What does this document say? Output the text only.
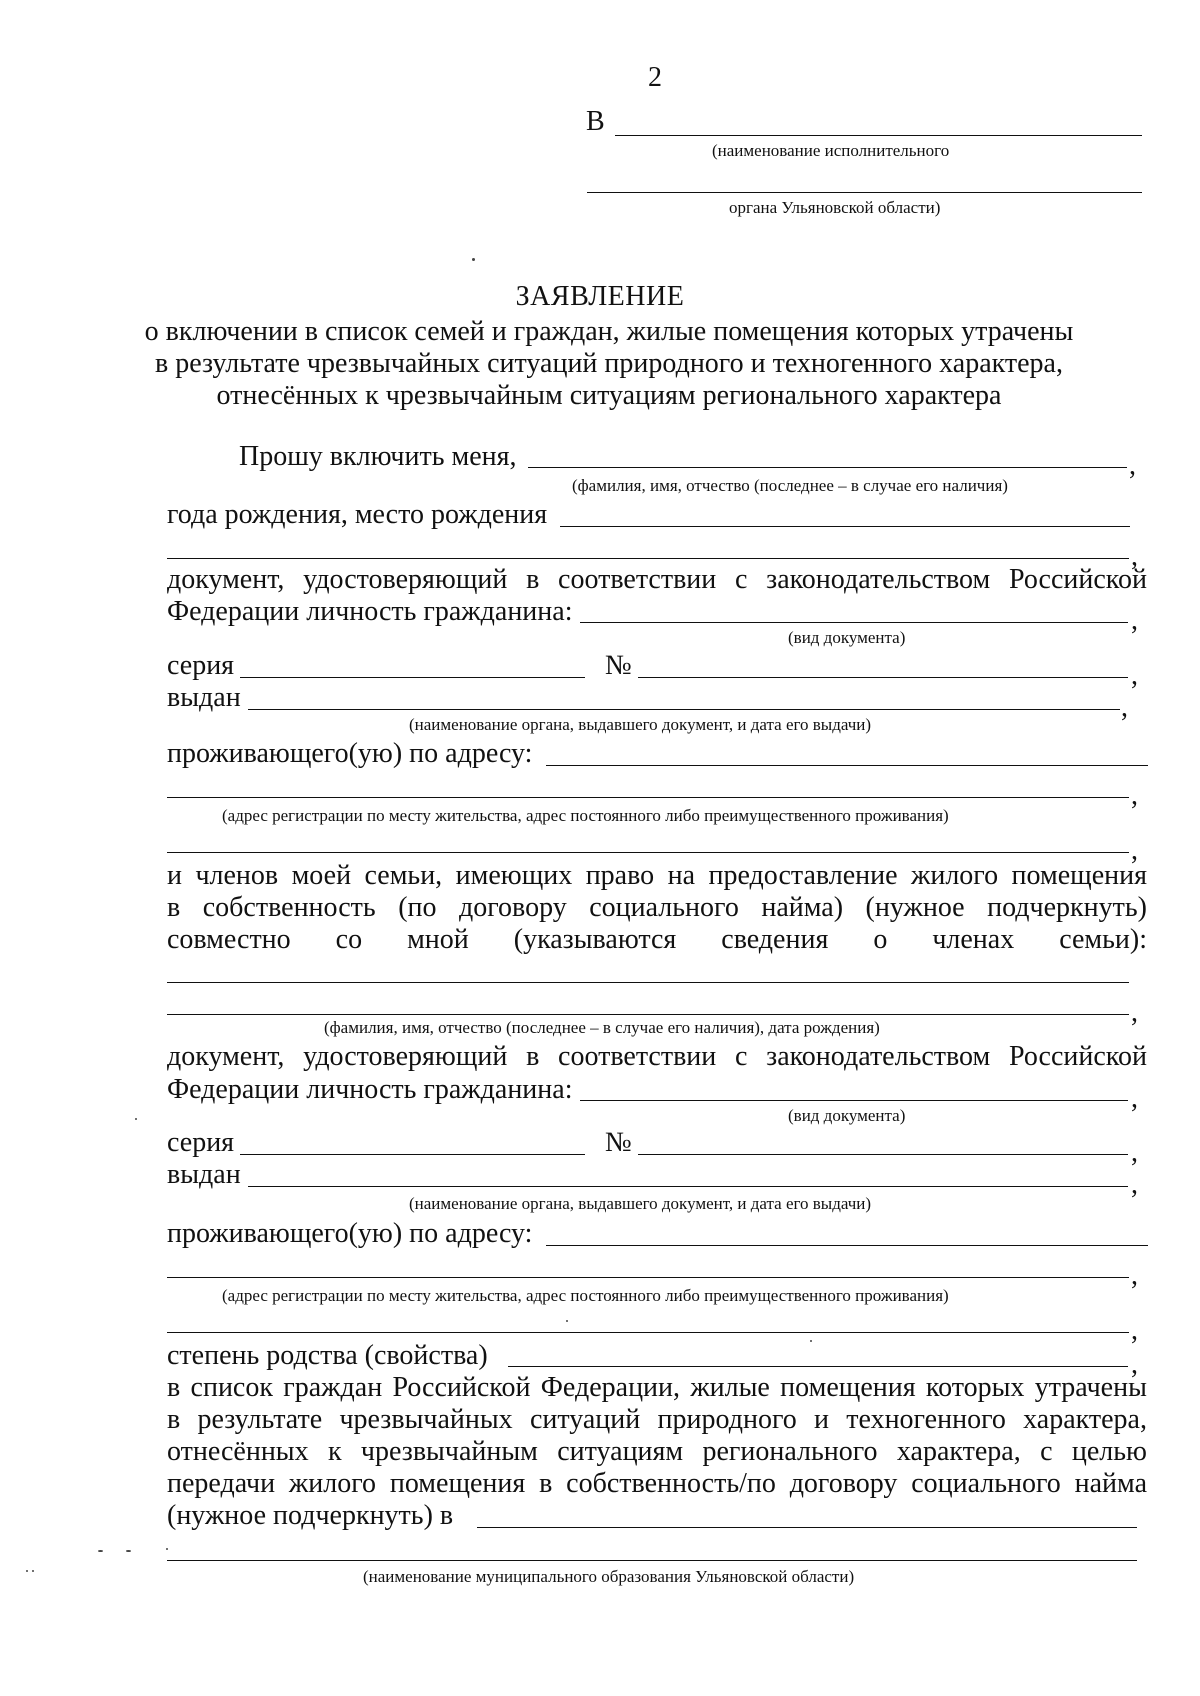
2
В
(наименование исполнительного
органа Ульяновской области)
ЗАЯВЛЕНИЕ
о включении в список семей и граждан, жилые помещения которых утрачены
в результате чрезвычайных ситуаций природного и техногенного характера,
отнесённых к чрезвычайным ситуациям регионального характера
Прошу включить меня,	,
(фамилия, имя, отчество (последнее – в случае его наличия)
года рождения, место рождения
,
документ, удостоверяющий в соответствии с законодательством Российской
Федерации личность гражданина:	,
(вид документа)
серия	№	,
выдан	,
(наименование органа, выдавшего документ, и дата его выдачи)
проживающего(ую) по адресу:
,
(адрес регистрации по месту жительства, адрес постоянного либо преимущественного проживания)
,
и членов моей семьи, имеющих право на предоставление жилого помещения
в собственность (по договору социального найма) (нужное подчеркнуть)
совместно со мной (указываются сведения о членах семьи):
,
(фамилия, имя, отчество (последнее – в случае его наличия), дата рождения)
документ, удостоверяющий в соответствии с законодательством Российской
Федерации личность гражданина:	,
(вид документа)
серия	№	,
выдан	,
(наименование органа, выдавшего документ, и дата его выдачи)
проживающего(ую) по адресу:
,
(адрес регистрации по месту жительства, адрес постоянного либо преимущественного проживания)
,
степень родства (свойства)	,
в список граждан Российской Федерации, жилые помещения которых утрачены
в результате чрезвычайных ситуаций природного и техногенного характера,
отнесённых к чрезвычайным ситуациям регионального характера, с целью
передачи жилого помещения в собственность/по договору социального найма
(нужное подчеркнуть) в
(наименование муниципального образования Ульяновской области)
